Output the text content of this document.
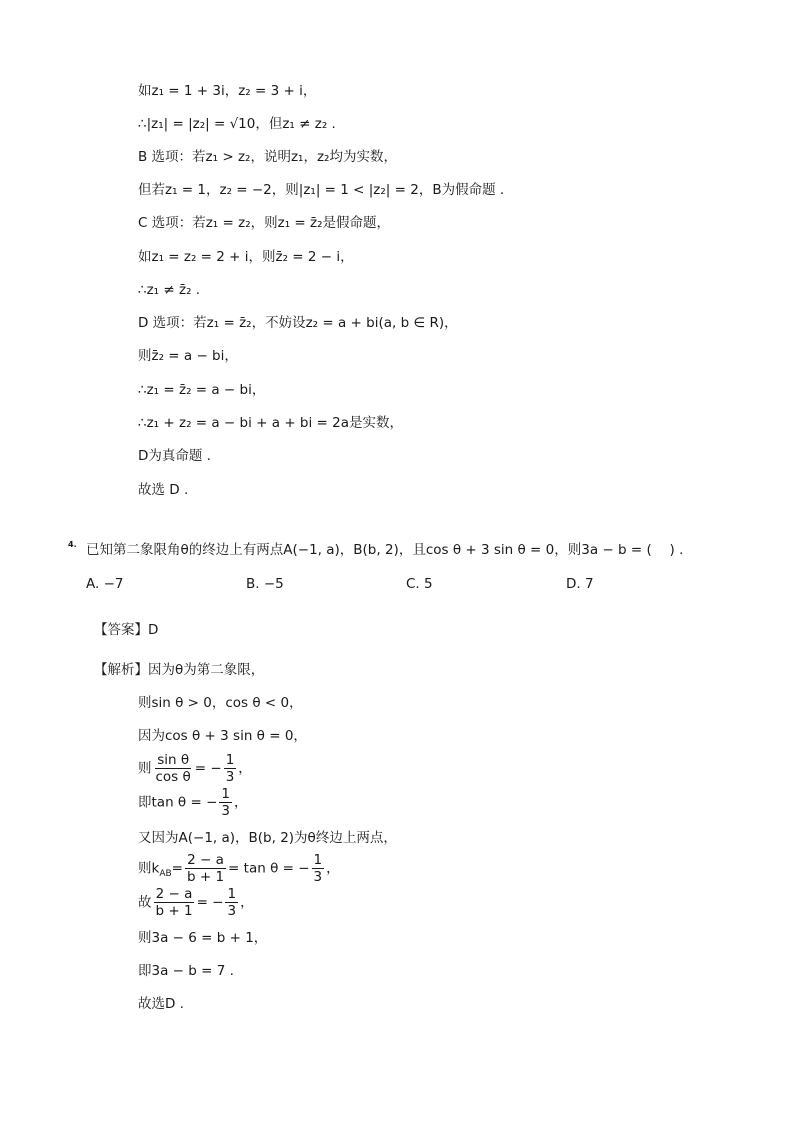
如z₁ = 1 + 3i，z₂ = 3 + i，
∴|z₁| = |z₂| = √10，但z₁ ≠ z₂ .
B 选项：若z₁ > z₂，说明z₁，z₂均为实数，
但若z₁ = 1，z₂ = −2，则|z₁| = 1 < |z₂| = 2，B为假命题 .
C 选项：若z₁ = z₂，则z₁ = z̄₂是假命题，
如z₁ = z₂ = 2 + i，则z̄₂ = 2 − i，
∴z₁ ≠ z̄₂ .
D 选项：若z₁ = z̄₂，不妨设z₂ = a + bi(a, b ∈ R)，
则z̄₂ = a − bi，
∴z₁ = z̄₂ = a − bi，
∴z₁ + z₂ = a − bi + a + bi = 2a是实数，
D为真命题 .
故选 D .
4. 已知第二象限角θ的终边上有两点A(−1, a)，B(b, 2)，且cos θ + 3 sin θ = 0，则3a − b = (　 ) .
A. −7	B. −5	C. 5	D. 7
【答案】D
【解析】因为θ为第二象限，
则sin θ > 0，cos θ < 0，
因为cos θ + 3 sin θ = 0，
则 $\frac{\text{sin θ}}{\text{cos θ}}$ = − $\frac{1}{3}$ ，
即tan θ = − $\frac{1}{3}$ ，
又因为A(−1, a)，B(b, 2)为θ终边上两点，
则$k_{AB}= \frac{2 - a}{b + 1} = \tan \theta$ = − $\frac{1}{3}$ ，
故 $\frac{2 - a}{b + 1}$ = − $\frac{1}{3}$ ，
则3a − 6 = b + 1，
即3a − b = 7 .
故选D .
